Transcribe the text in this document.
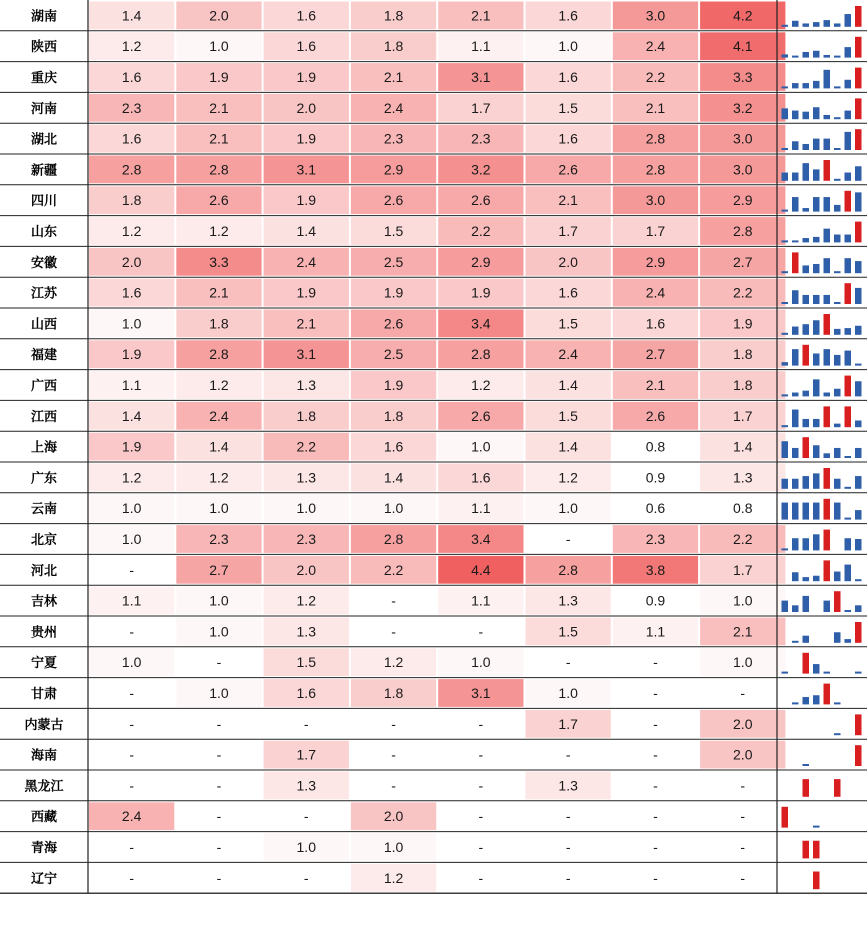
湖南	1.4	2.0	1.6	1.8	2.1	1.6	3.0	4.2
陕西	1.2	1.0	1.6	1.8	1.1	1.0	2.4	4.1
重庆	1.6	1.9	1.9	2.1	3.1	1.6	2.2	3.3
河南	2.3	2.1	2.0	2.4	1.7	1.5	2.1	3.2
湖北	1.6	2.1	1.9	2.3	2.3	1.6	2.8	3.0
新疆	2.8	2.8	3.1	2.9	3.2	2.6	2.8	3.0
四川	1.8	2.6	1.9	2.6	2.6	2.1	3.0	2.9
山东	1.2	1.2	1.4	1.5	2.2	1.7	1.7	2.8
安徽	2.0	3.3	2.4	2.5	2.9	2.0	2.9	2.7
江苏	1.6	2.1	1.9	1.9	1.9	1.6	2.4	2.2
山西	1.0	1.8	2.1	2.6	3.4	1.5	1.6	1.9
福建	1.9	2.8	3.1	2.5	2.8	2.4	2.7	1.8
广西	1.1	1.2	1.3	1.9	1.2	1.4	2.1	1.8
江西	1.4	2.4	1.8	1.8	2.6	1.5	2.6	1.7
上海	1.9	1.4	2.2	1.6	1.0	1.4	0.8	1.4
广东	1.2	1.2	1.3	1.4	1.6	1.2	0.9	1.3
云南	1.0	1.0	1.0	1.0	1.1	1.0	0.6	0.8
北京	1.0	2.3	2.3	2.8	3.4	-	2.3	2.2
河北	-	2.7	2.0	2.2	4.4	2.8	3.8	1.7
吉林	1.1	1.0	1.2	-	1.1	1.3	0.9	1.0
贵州	-	1.0	1.3	-	-	1.5	1.1	2.1
宁夏	1.0	-	1.5	1.2	1.0	-	-	1.0
甘肃	-	1.0	1.6	1.8	3.1	1.0	-	-
内蒙古	-	-	-	-	-	1.7	-	2.0
海南	-	-	1.7	-	-	-	-	2.0
黑龙江	-	-	1.3	-	-	1.3	-	-
西藏	2.4	-	-	2.0	-	-	-	-
青海	-	-	1.0	1.0	-	-	-	-
辽宁	-	-	-	1.2	-	-	-	-
